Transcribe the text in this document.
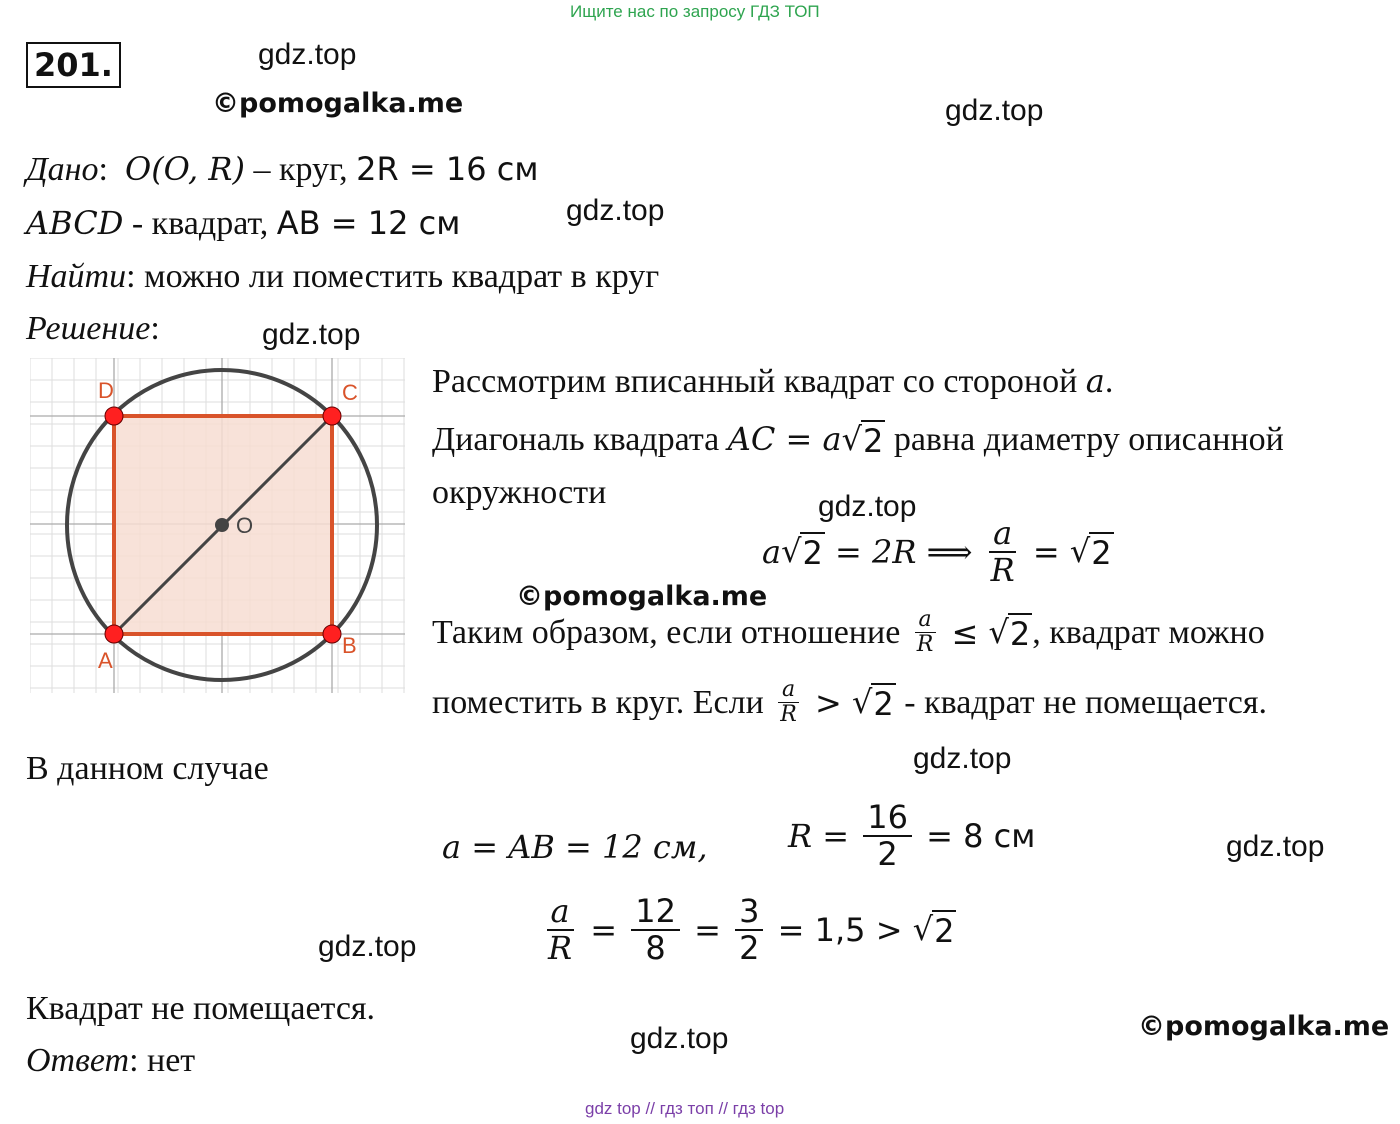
Ищите нас по запросу ГДЗ ТОП
gdz top // гдз топ // гдз top
201.	gdz.top
©pomogalka.me	gdz.top
gdz.top
gdz.top
gdz.top
©pomogalka.me
gdz.top
gdz.top
gdz.top
©pomogalka.me
gdz.top
Дано:  O(O, R) – круг, 2R = 16 см
ABCD - квадрат, AB = 12 см
Найти: можно ли поместить квадрат в круг
Решение:
A
B
C
D
O
Рассмотрим вписанный квадрат со стороной a.
Диагональ квадрата AC = a √ 2 равна диаметру описанной
окружности
a √ 2 = 2R ⟹ $\frac{a}{R}$ = √ 2
Таким образом, если отношение $\frac{a}{R}$ ≤ √ 2 , квадрат можно
поместить в круг. Если $\frac{a}{R}$ > √ 2 - квадрат не помещается.
В данном случае
a = AB = 12 см,	$R = \frac{16}{2} = 8$ см
$\frac{a}{R} = \frac{12}{8} = \frac{3}{2} = 1,5$ > √ 2
Квадрат не помещается.
Ответ: нет
